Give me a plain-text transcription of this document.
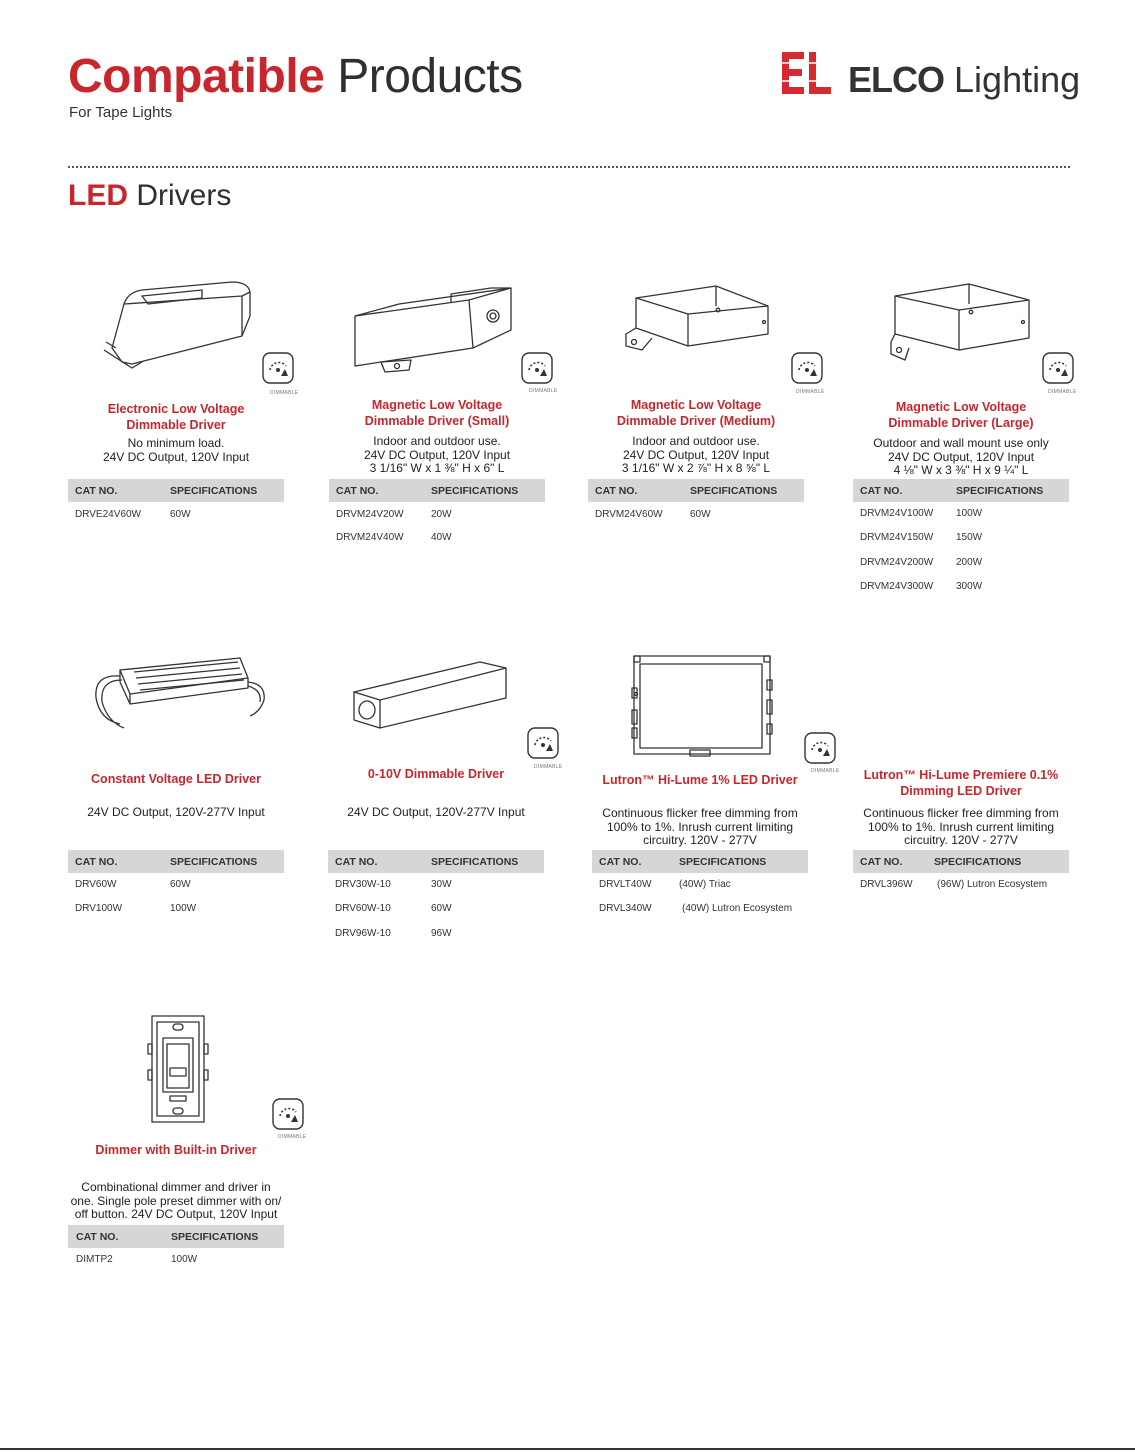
Compatible Products
For Tape Lights
ELCO Lighting
LED Drivers
DIMMABLE
Electronic Low Voltage
Dimmable Driver
No minimum load.
24V DC Output, 120V Input
CAT NO.	SPECIFICATIONS
DRVE24V60W	60W
DIMMABLE
Magnetic Low Voltage
Dimmable Driver (Small)
Indoor and outdoor use.
24V DC Output, 120V Input
3 1/16" W x 1 ⅜" H x 6" L
CAT NO.	SPECIFICATIONS
DRVM24V20W	20W
DRVM24V40W	40W
DIMMABLE
Magnetic Low Voltage
Dimmable Driver (Medium)
Indoor and outdoor use.
24V DC Output, 120V Input
3 1/16" W x 2 ⅞" H x 8 ⅝" L
CAT NO.	SPECIFICATIONS
DRVM24V60W	60W
DIMMABLE
Magnetic Low Voltage
Dimmable Driver (Large)
Outdoor and wall mount use only
24V DC Output, 120V Input
4 ⅛" W x 3 ⅜" H x 9 ¼" L
CAT NO.	SPECIFICATIONS
DRVM24V100W 100W
DRVM24V150W 150W
DRVM24V200W 200W
DRVM24V300W 300W
Constant Voltage LED Driver
24V DC Output, 120V-277V Input
CAT NO.	SPECIFICATIONS
DRV60W	60W
DRV100W	100W
DIMMABLE
0-10V Dimmable Driver
24V DC Output, 120V-277V Input
CAT NO.	SPECIFICATIONS
DRV30W-10	30W
DRV60W-10	60W
DRV96W-10	96W
DIMMABLE
Lutron™ Hi-Lume 1% LED Driver
Continuous flicker free dimming from
100% to 1%. Inrush current limiting
circuitry. 120V - 277V
CAT NO.	SPECIFICATIONS
DRVLT40W	(40W) Triac
DRVL340W	(40W) Lutron Ecosystem
Lutron™ Hi-Lume Premiere 0.1%
Dimming LED Driver
Continuous flicker free dimming from
100% to 1%. Inrush current limiting
circuitry. 120V - 277V
CAT NO.	SPECIFICATIONS
DRVL396W (96W) Lutron Ecosystem
DIMMABLE
Dimmer with Built-in Driver
Combinational dimmer and driver in
one. Single pole preset dimmer with on/
off button. 24V DC Output, 120V Input
CAT NO.	SPECIFICATIONS
DIMTP2	100W
